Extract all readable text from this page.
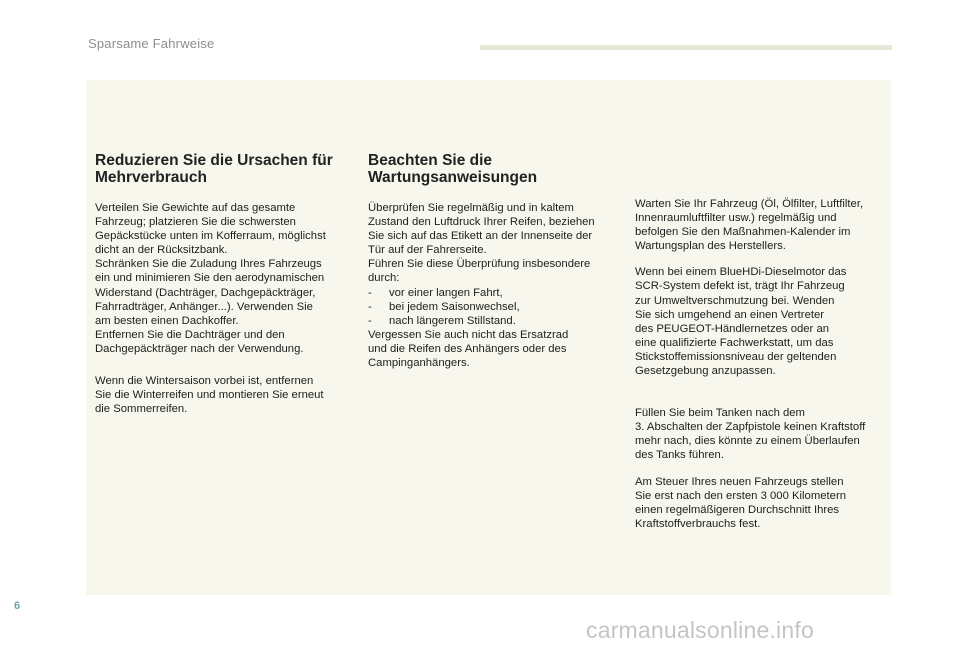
Sparsame Fahrweise
Reduzieren Sie die Ursachen für
Mehrverbrauch

Verteilen Sie Gewichte auf das gesamte
Fahrzeug; platzieren Sie die schwersten
Gepäckstücke unten im Kofferraum, möglichst
dicht an der Rücksitzbank.
Schränken Sie die Zuladung Ihres Fahrzeugs
ein und minimieren Sie den aerodynamischen
Widerstand (Dachträger, Dachgepäckträger,
Fahrradträger, Anhänger...). Verwenden Sie
am besten einen Dachkoffer.
Entfernen Sie die Dachträger und den
Dachgepäckträger nach der Verwendung.

Wenn die Wintersaison vorbei ist, entfernen
Sie die Winterreifen und montieren Sie erneut
die Sommerreifen.

Beachten Sie die
Wartungsanweisungen

Überprüfen Sie regelmäßig und in kaltem
Zustand den Luftdruck Ihrer Reifen, beziehen
Sie sich auf das Etikett an der Innenseite der
Tür auf der Fahrerseite.
Führen Sie diese Überprüfung insbesondere
durch:
- vor einer langen Fahrt,
- bei jedem Saisonwechsel,
- nach längerem Stillstand.
Vergessen Sie auch nicht das Ersatzrad
und die Reifen des Anhängers oder des
Campinganhängers.

Warten Sie Ihr Fahrzeug (Öl, Ölfilter, Luftfilter,
Innenraumluftfilter usw.) regelmäßig und
befolgen Sie den Maßnahmen-Kalender im
Wartungsplan des Herstellers.

Wenn bei einem BlueHDi-Dieselmotor das
SCR-System defekt ist, trägt Ihr Fahrzeug
zur Umweltverschmutzung bei. Wenden
Sie sich umgehend an einen Vertreter
des PEUGEOT-Händlernetzes oder an
eine qualifizierte Fachwerkstatt, um das
Stickstoffemissionsniveau der geltenden
Gesetzgebung anzupassen.

Füllen Sie beim Tanken nach dem
3. Abschalten der Zapfpistole keinen Kraftstoff
mehr nach, dies könnte zu einem Überlaufen
des Tanks führen.

Am Steuer Ihres neuen Fahrzeugs stellen
Sie erst nach den ersten 3 000 Kilometern
einen regelmäßigeren Durchschnitt Ihres
Kraftstoffverbrauchs fest.

6
carmanualsonline.info
